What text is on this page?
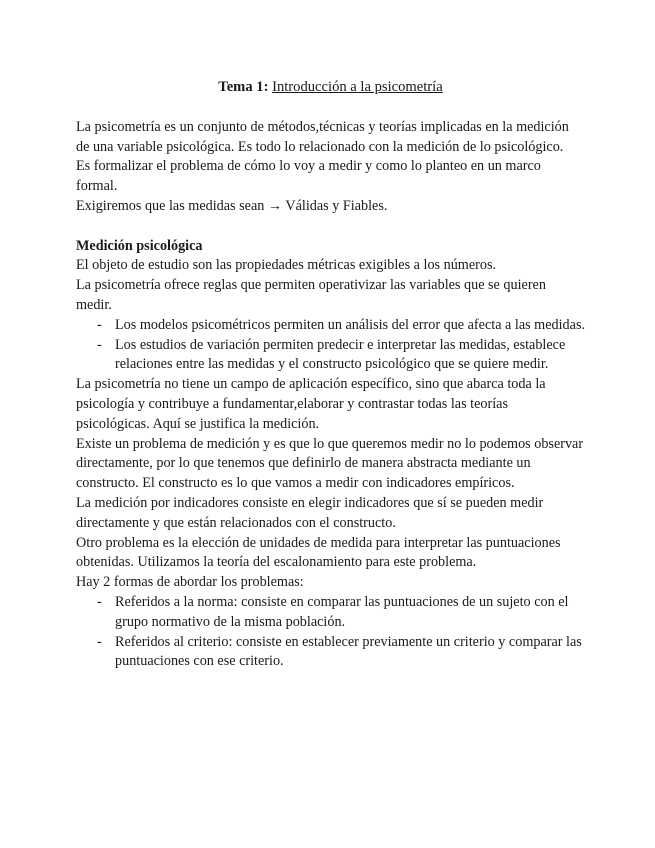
Tema 1: Introducción a la psicometría

La psicometría es un conjunto de métodos,técnicas y teorías implicadas en la medición de una variable psicológica. Es todo lo relacionado con la medición de lo psicológico.

Es formalizar el problema de cómo lo voy a medir y como lo planteo en un marco formal.

Exigiremos que las medidas sean → Válidas y Fiables.

Medición psicológica

El objeto de estudio son las propiedades métricas exigibles a los números.

La psicometría ofrece reglas que permiten operativizar las variables que se quieren medir.

- Los modelos psicométricos permiten un análisis del error que afecta a las medidas.
- Los estudios de variación permiten predecir e interpretar las medidas, establece relaciones entre las medidas y el constructo psicológico que se quiere medir.

La psicometría no tiene un campo de aplicación específico, sino que abarca toda la psicología y contribuye a fundamentar,elaborar y contrastar todas las teorías psicológicas. Aquí se justifica la medición.

Existe un problema de medición y es que lo que queremos medir no lo podemos observar directamente, por lo que tenemos que definirlo de manera abstracta mediante un constructo. El constructo es lo que vamos a medir con indicadores empíricos.

La medición por indicadores consiste en elegir indicadores que sí se pueden medir directamente y que están relacionados con el constructo.

Otro problema es la elección de unidades de medida para interpretar las puntuaciones obtenidas. Utilizamos la teoría del escalonamiento para este problema.

Hay 2 formas de abordar los problemas:

- Referidos a la norma: consiste en comparar las puntuaciones de un sujeto con el grupo normativo de la misma población.
- Referidos al criterio: consiste en establecer previamente un criterio y comparar las puntuaciones con ese criterio.
